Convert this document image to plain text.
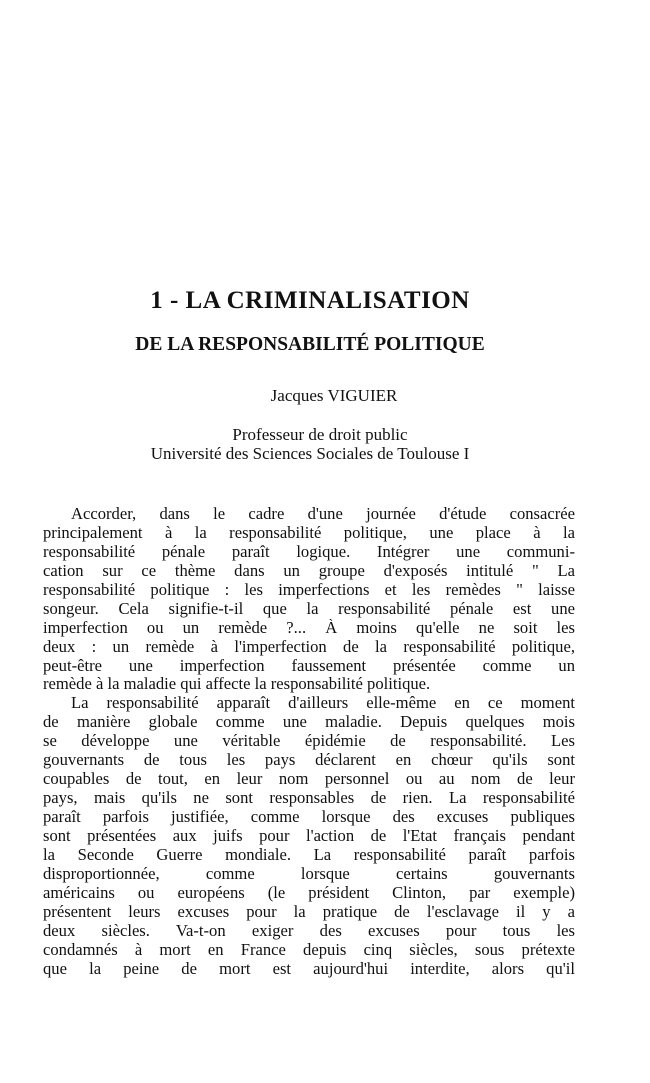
1 - LA CRIMINALISATION
DE LA RESPONSABILITÉ POLITIQUE
Jacques VIGUIER
Professeur de droit public
Université des Sciences Sociales de Toulouse I
Accorder, dans le cadre d'une journée d'étude consacrée
principalement à la responsabilité politique, une place à la
responsabilité pénale paraît logique. Intégrer une communi-
cation sur ce thème dans un groupe d'exposés intitulé " La
responsabilité politique : les imperfections et les remèdes " laisse
songeur. Cela signifie-t-il que la responsabilité pénale est une
imperfection ou un remède ?... À moins qu'elle ne soit les
deux : un remède à l'imperfection de la responsabilité politique,
peut-être une imperfection faussement présentée comme un
remède à la maladie qui affecte la responsabilité politique.
La responsabilité apparaît d'ailleurs elle-même en ce moment
de manière globale comme une maladie. Depuis quelques mois
se développe une véritable épidémie de responsabilité. Les
gouvernants de tous les pays déclarent en chœur qu'ils sont
coupables de tout, en leur nom personnel ou au nom de leur
pays, mais qu'ils ne sont responsables de rien. La responsabilité
paraît parfois justifiée, comme lorsque des excuses publiques
sont présentées aux juifs pour l'action de l'Etat français pendant
la Seconde Guerre mondiale. La responsabilité paraît parfois
disproportionnée, comme lorsque certains gouvernants
américains ou européens (le président Clinton, par exemple)
présentent leurs excuses pour la pratique de l'esclavage il y a
deux siècles. Va-t-on exiger des excuses pour tous les
condamnés à mort en France depuis cinq siècles, sous prétexte
que la peine de mort est aujourd'hui interdite, alors qu'il
